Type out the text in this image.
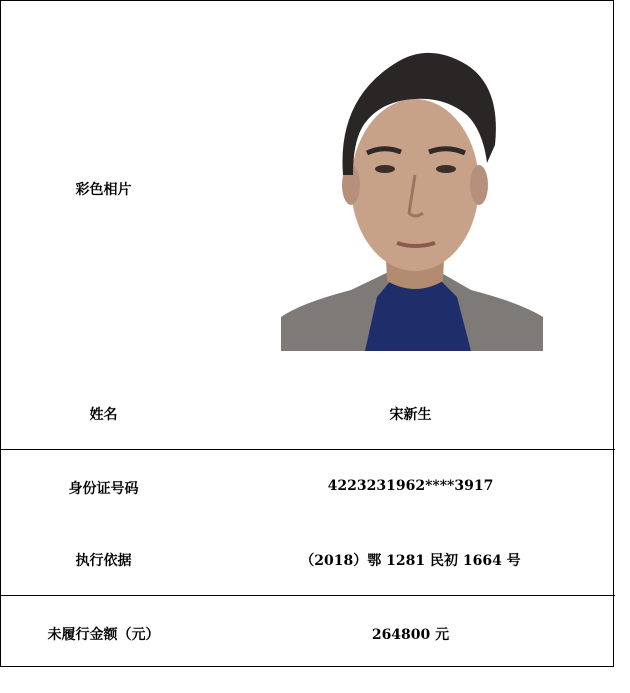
彩色相片
姓名	宋新生
身份证号码	4223231962****3917
执行依据	（2018）鄂 1281 民初 1664 号
未履行金额（元）	264800 元
